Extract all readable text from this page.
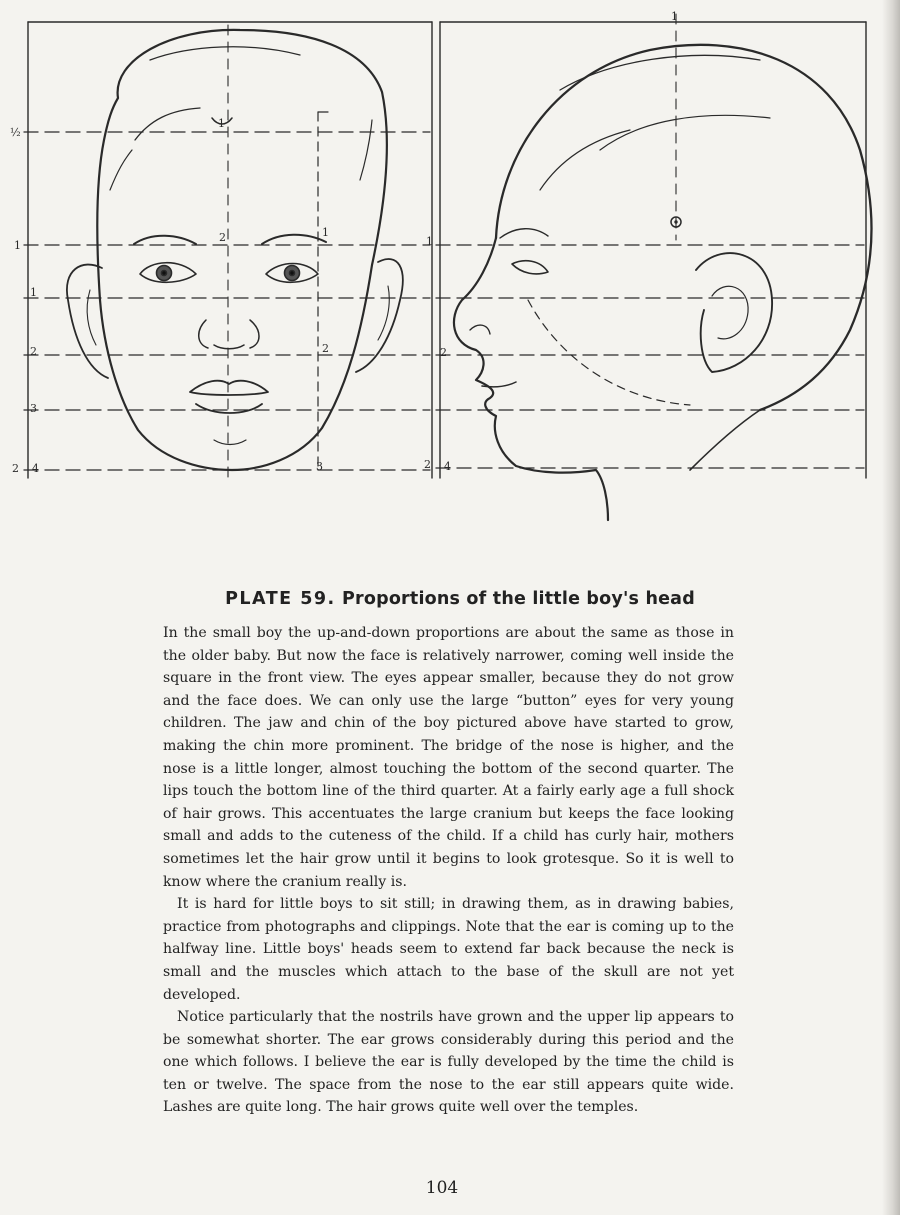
½
1
1
2
3
2 4
1
2	1
2
3
1
2
2 4
1
PLATE 59. Proportions of the little boy's head

In the small boy the up-and-down proportions are about the same as those in the older baby. But now the face is relatively narrower, coming well inside the square in the front view. The eyes appear smaller, because they do not grow and the face does. We can only use the large “button” eyes for very young children. The jaw and chin of the boy pictured above have started to grow, making the chin more prominent. The bridge of the nose is higher, and the nose is a little longer, almost touching the bottom of the second quarter. The lips touch the bottom line of the third quarter. At a fairly early age a full shock of hair grows. This accentuates the large cranium but keeps the face looking small and adds to the cuteness of the child. If a child has curly hair, mothers sometimes let the hair grow until it begins to look grotesque. So it is well to know where the cranium really is.

It is hard for little boys to sit still; in drawing them, as in drawing babies, practice from photographs and clippings. Note that the ear is coming up to the halfway line. Little boys' heads seem to extend far back because the neck is small and the muscles which attach to the base of the skull are not yet developed.

Notice particularly that the nostrils have grown and the upper lip appears to be somewhat shorter. The ear grows considerably during this period and the one which follows. I believe the ear is fully developed by the time the child is ten or twelve. The space from the nose to the ear still appears quite wide. Lashes are quite long. The hair grows quite well over the temples.

104
